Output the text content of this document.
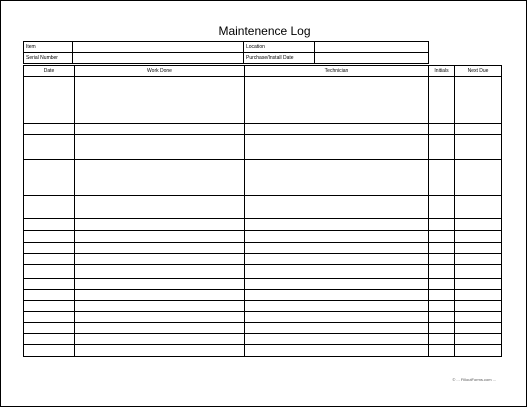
Maintenence Log
Item		Location	
Serial Number		Purchase/Install Date	
Date	Work Done	Technician	Initials	Next Due

© ... FilloutForms.com ...
